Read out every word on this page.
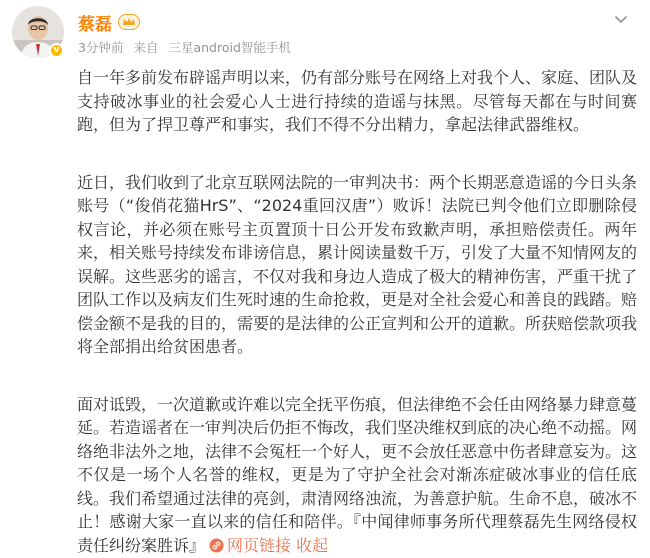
v
蔡磊
3分钟前 来自 三星android智能手机

自一年多前发布辟谣声明以来，仍有部分账号在网络上对我个人、家庭、团队及支持破冰事业的社会爱心人士进行持续的造谣与抹黑。尽管每天都在与时间赛跑，但为了捍卫尊严和事实，我们不得不分出精力，拿起法律武器维权。

近日，我们收到了北京互联网法院的一审判决书：两个长期恶意造谣的今日头条账号（“俊俏花猫HrS”、“2024重回汉唐”）败诉！法院已判令他们立即删除侵权言论，并必须在账号主页置顶十日公开发布致歉声明，承担赔偿责任。两年来，相关账号持续发布诽谤信息，累计阅读量数千万，引发了大量不知情网友的误解。这些恶劣的谣言，不仅对我和身边人造成了极大的精神伤害，严重干扰了团队工作以及病友们生死时速的生命抢救，更是对全社会爱心和善良的践踏。赔偿金额不是我的目的，需要的是法律的公正宣判和公开的道歉。所获赔偿款项我将全部捐出给贫困患者。

面对诋毁，一次道歉或许难以完全抚平伤痕，但法律绝不会任由网络暴力肆意蔓延。若造谣者在一审判决后仍拒不悔改，我们坚决维权到底的决心绝不动摇。网络绝非法外之地，法律不会冤枉一个好人，更不会放任恶意中伤者肆意妄为。这不仅是一场个人名誉的维权，更是为了守护全社会对渐冻症破冰事业的信任底线。我们希望通过法律的亮剑，肃清网络浊流，为善意护航。生命不息，破冰不止！感谢大家一直以来的信任和陪伴。『中闻律师事务所代理蔡磊先生网络侵权责任纠纷案胜诉』 网页链接 收起
